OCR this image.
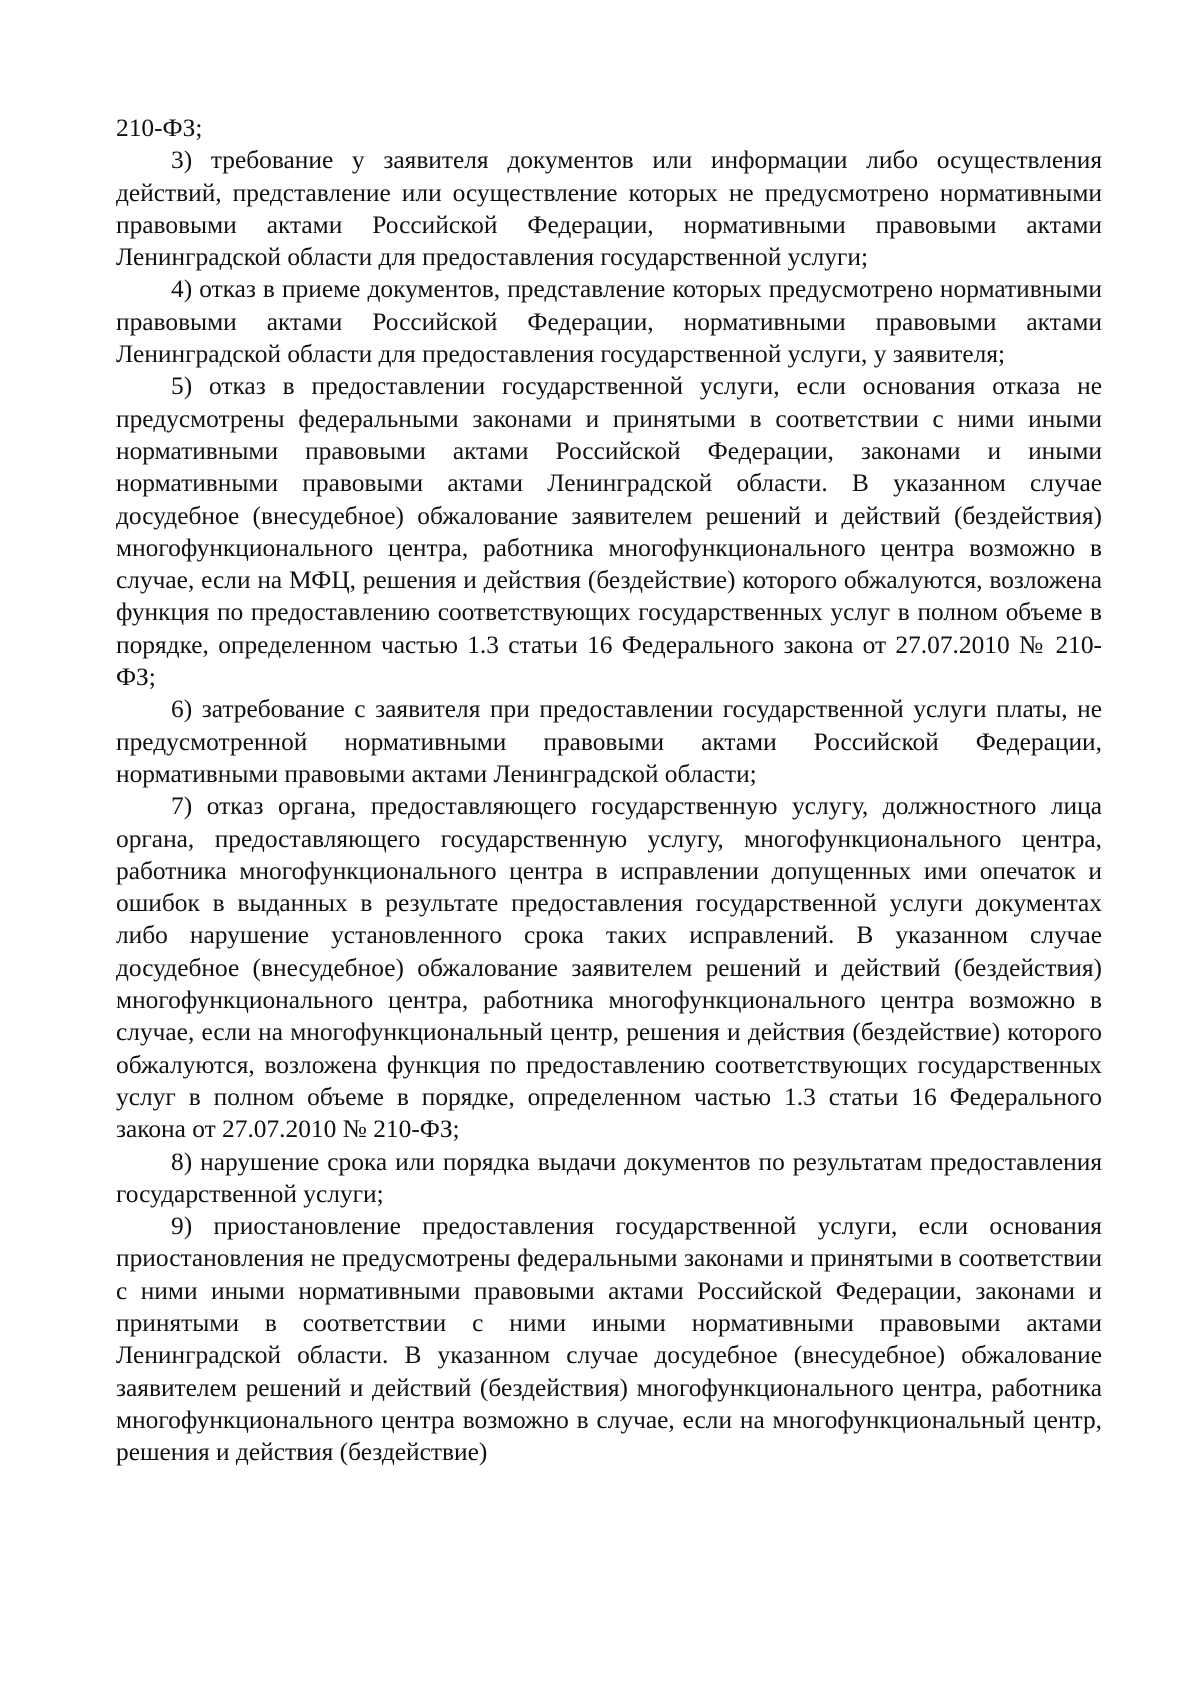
210-ФЗ;

3) требование у заявителя документов или информации либо осуществления действий, представление или осуществление которых не предусмотрено нормативными правовыми актами Российской Федерации, нормативными правовыми актами Ленинградской области для предоставления государственной услуги;

4) отказ в приеме документов, представление которых предусмотрено нормативными правовыми актами Российской Федерации, нормативными правовыми актами Ленинградской области для предоставления государственной услуги, у заявителя;

5) отказ в предоставлении государственной услуги, если основания отказа не предусмотрены федеральными законами и принятыми в соответствии с ними иными нормативными правовыми актами Российской Федерации, законами и иными нормативными правовыми актами Ленинградской области. В указанном случае досудебное (внесудебное) обжалование заявителем решений и действий (бездействия) многофункционального центра, работника многофункционального центра возможно в случае, если на МФЦ, решения и действия (бездействие) которого обжалуются, возложена функция по предоставлению соответствующих государственных услуг в полном объеме в порядке, определенном частью 1.3 статьи 16 Федерального закона от 27.07.2010 № 210-ФЗ;

6) затребование с заявителя при предоставлении государственной услуги платы, не предусмотренной нормативными правовыми актами Российской Федерации, нормативными правовыми актами Ленинградской области;

7) отказ органа, предоставляющего государственную услугу, должностного лица органа, предоставляющего государственную услугу, многофункционального центра, работника многофункционального центра в исправлении допущенных ими опечаток и ошибок в выданных в результате предоставления государственной услуги документах либо нарушение установленного срока таких исправлений. В указанном случае досудебное (внесудебное) обжалование заявителем решений и действий (бездействия) многофункционального центра, работника многофункционального центра возможно в случае, если на многофункциональный центр, решения и действия (бездействие) которого обжалуются, возложена функция по предоставлению соответствующих государственных услуг в полном объеме в порядке, определенном частью 1.3 статьи 16 Федерального закона от 27.07.2010 № 210-ФЗ;

8) нарушение срока или порядка выдачи документов по результатам предоставления государственной услуги;

9) приостановление предоставления государственной услуги, если основания приостановления не предусмотрены федеральными законами и принятыми в соответствии с ними иными нормативными правовыми актами Российской Федерации, законами и принятыми в соответствии с ними иными нормативными правовыми актами Ленинградской области. В указанном случае досудебное (внесудебное) обжалование заявителем решений и действий (бездействия) многофункционального центра, работника многофункционального центра возможно в случае, если на многофункциональный центр, решения и действия (бездействие)
